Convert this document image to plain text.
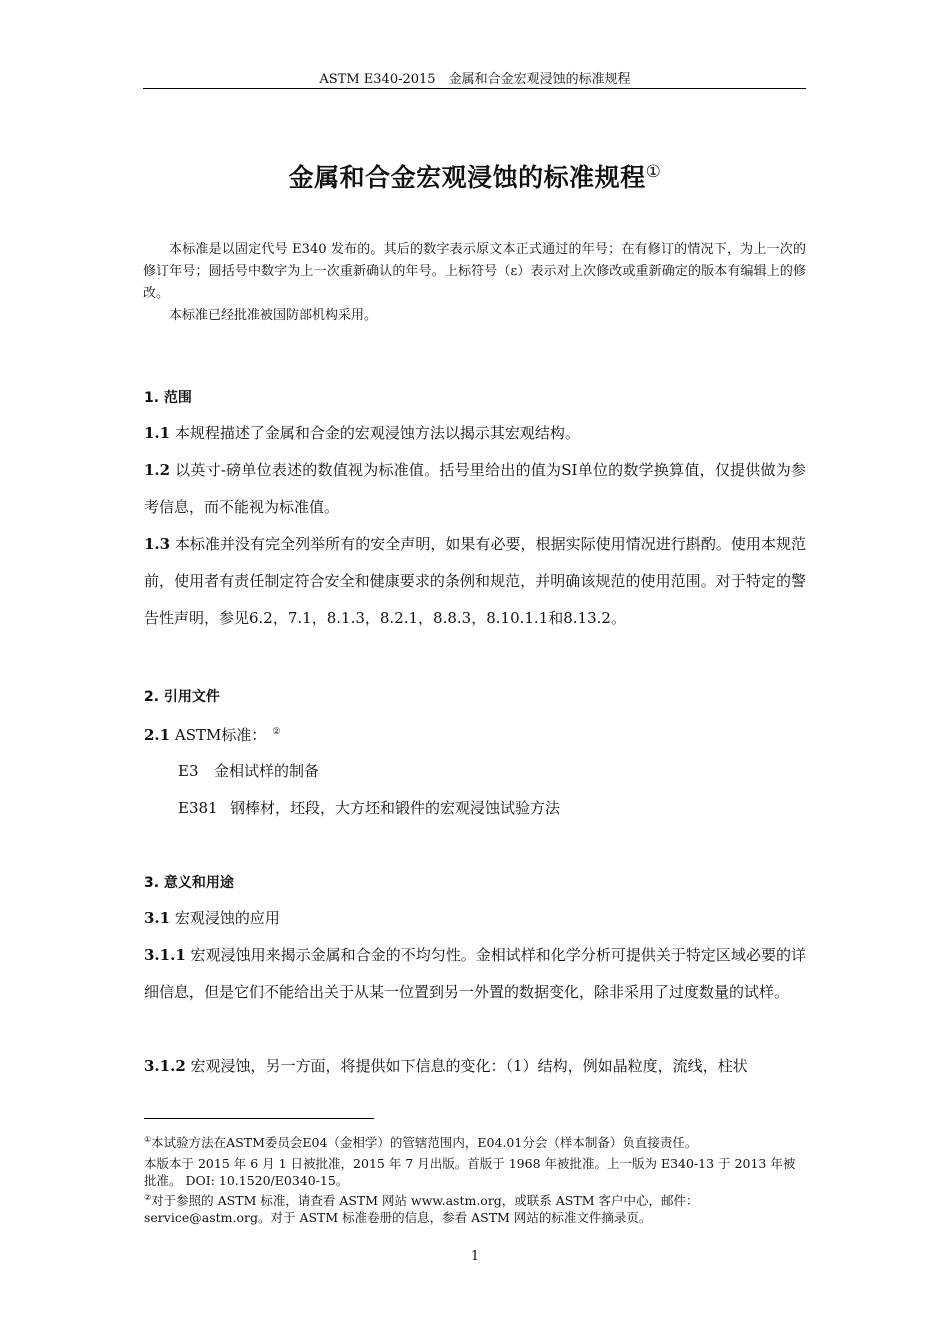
ASTM E340-2015　金属和合金宏观浸蚀的标准规程
金属和合金宏观浸蚀的标准规程①

本标准是以固定代号 E340 发布的。其后的数字表示原文本正式通过的年号；在有修订的情况下，为上一次的修订年号；圆括号中数字为上一次重新确认的年号。上标符号（ε）表示对上次修改或重新确定的版本有编辑上的修改。

本标准已经批准被国防部机构采用。

1. 范围
1.1 本规程描述了金属和合金的宏观浸蚀方法以揭示其宏观结构。
1.2 以英寸-磅单位表述的数值视为标准值。括号里给出的值为SI单位的数学换算值，仅提供做为参考信息，而不能视为标准值。
1.3 本标准并没有完全列举所有的安全声明，如果有必要，根据实际使用情况进行斟酌。使用本规范前，使用者有责任制定符合安全和健康要求的条例和规范，并明确该规范的使用范围。对于特定的警告性声明，参见6.2，7.1，8.1.3，8.2.1，8.8.3，8.10.1.1和8.13.2。
2. 引用文件
2.1 ASTM标准： ②
E3 金相试样的制备
E381 钢棒材，坯段，大方坯和锻件的宏观浸蚀试验方法
3. 意义和用途
3.1 宏观浸蚀的应用
3.1.1 宏观浸蚀用来揭示金属和合金的不均匀性。金相试样和化学分析可提供关于特定区域必要的详细信息，但是它们不能给出关于从某一位置到另一外置的数据变化，除非采用了过度数量的试样。
3.1.2 宏观浸蚀，另一方面，将提供如下信息的变化：（1）结构，例如晶粒度，流线，柱状
①本试验方法在ASTM委员会E04（金相学）的管辖范围内，E04.01分会（样本制备）负直接责任。
本版本于 2015 年 6 月 1 日被批准，2015 年 7 月出版。首版于 1968 年被批准。上一版为 E340-13 于 2013 年被批准。 DOI: 10.1520/E0340-15。
②对于参照的 ASTM 标准，请查看 ASTM 网站 www.astm.org，或联系 ASTM 客户中心，邮件：service@astm.org。对于 ASTM 标准卷册的信息，参看 ASTM 网站的标准文件摘录页。
1
